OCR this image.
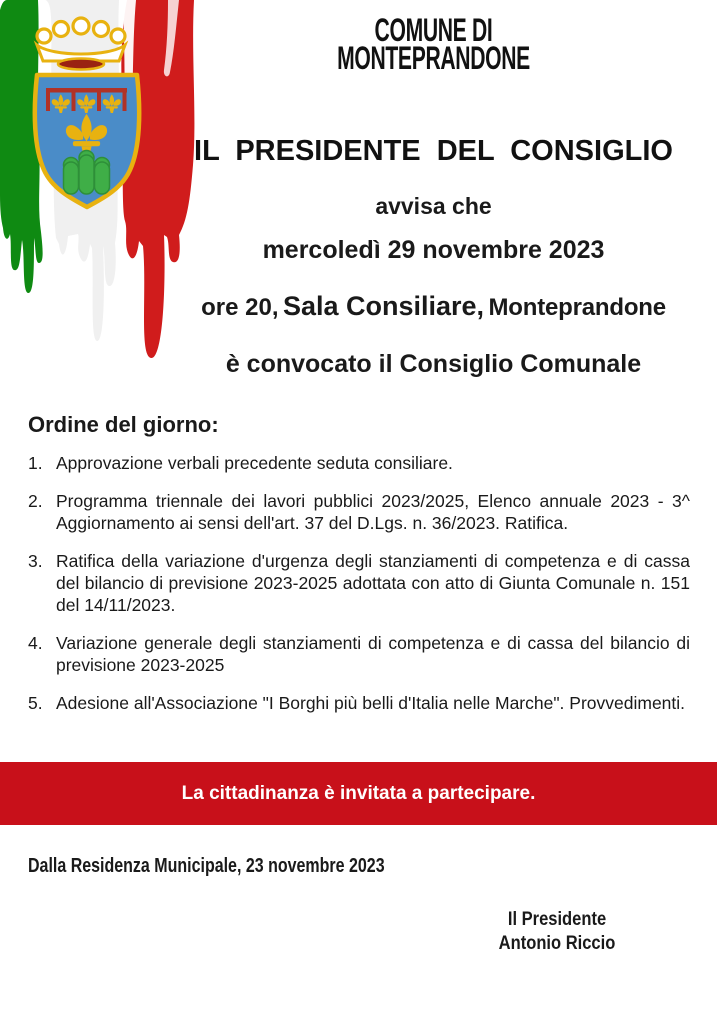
COMUNE DI
MONTEPRANDONE
IL PRESIDENTE DEL CONSIGLIO
avvisa che
mercoledì 29 novembre 2023
ore 20, Sala Consiliare, Monteprandone
è convocato il Consiglio Comunale
Ordine del giorno:
1. Approvazione verbali precedente seduta consiliare.
2. Programma triennale dei lavori pubblici 2023/2025, Elenco annuale 2023 - 3^ Aggiornamento ai sensi dell'art. 37 del D.Lgs. n. 36/2023. Ratifica.
3. Ratifica della variazione d'urgenza degli stanziamenti di competenza e di cassa del bilancio di previsione 2023-2025 adottata con atto di Giunta Comunale n. 151 del 14/11/2023.
4. Variazione generale degli stanziamenti di competenza e di cassa del bilancio di previsione 2023-2025
5. Adesione all'Associazione "I Borghi più belli d'Italia nelle Marche". Provvedimenti.
La cittadinanza è invitata a partecipare.
Dalla Residenza Municipale, 23 novembre 2023
Il Presidente
Antonio Riccio
